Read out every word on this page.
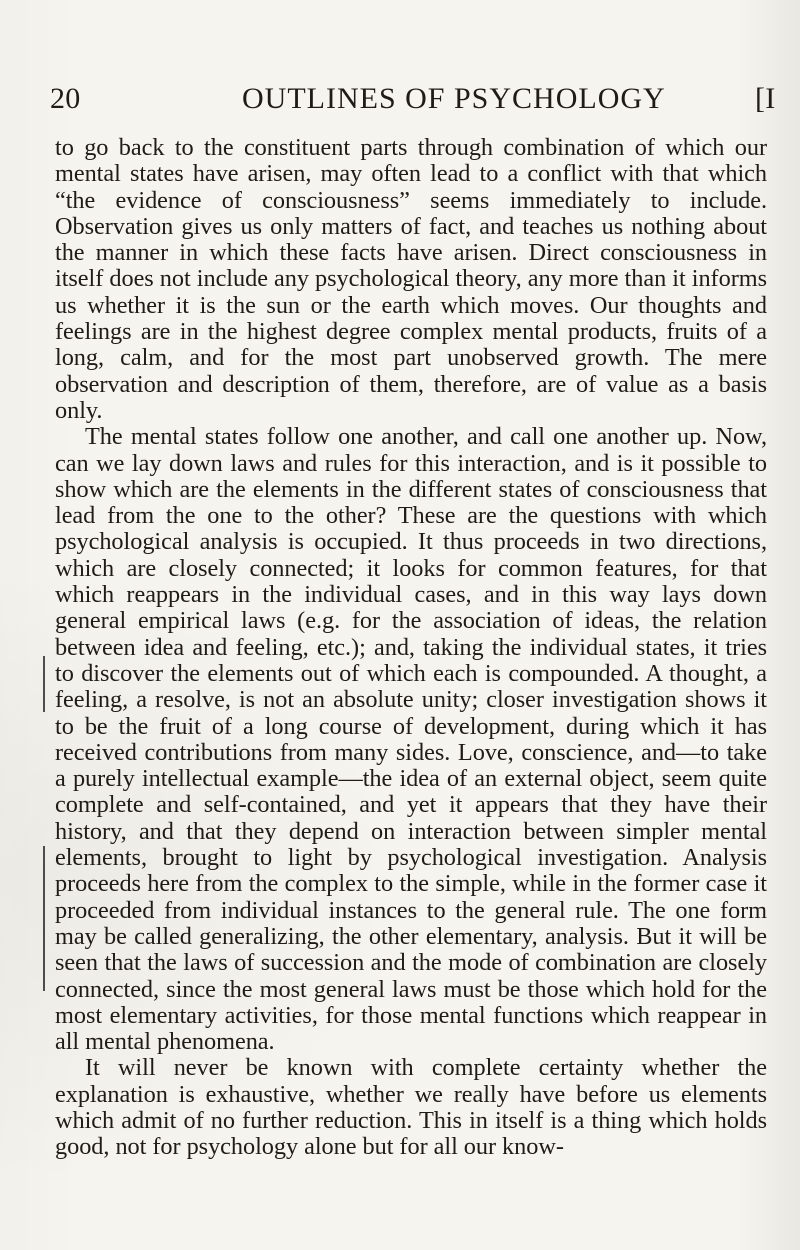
20	OUTLINES OF PSYCHOLOGY	[I

to go back to the constituent parts through combination of which our mental states have arisen, may often lead to a conflict with that which “the evidence of consciousness” seems immediately to include. Observation gives us only matters of fact, and teaches us nothing about the manner in which these facts have arisen. Direct consciousness in itself does not include any psychological theory, any more than it informs us whether it is the sun or the earth which moves. Our thoughts and feelings are in the highest degree complex mental products, fruits of a long, calm, and for the most part unobserved growth. The mere observation and description of them, therefore, are of value as a basis only.

The mental states follow one another, and call one another up. Now, can we lay down laws and rules for this interaction, and is it possible to show which are the elements in the different states of consciousness that lead from the one to the other? These are the questions with which psychological analysis is occupied. It thus proceeds in two directions, which are closely connected; it looks for common features, for that which reappears in the individual cases, and in this way lays down general empirical laws (e.g. for the association of ideas, the relation between idea and feeling, etc.); and, taking the individual states, it tries to discover the elements out of which each is compounded. A thought, a feeling, a resolve, is not an absolute unity; closer investigation shows it to be the fruit of a long course of development, during which it has received contributions from many sides. Love, conscience, and—to take a purely intellectual example—the idea of an external object, seem quite complete and self-contained, and yet it appears that they have their history, and that they depend on interaction between simpler mental elements, brought to light by psychological investigation. Analysis proceeds here from the complex to the simple, while in the former case it proceeded from individual instances to the general rule. The one form may be called generalizing, the other elementary, analysis. But it will be seen that the laws of succession and the mode of combination are closely connected, since the most general laws must be those which hold for the most elementary activities, for those mental functions which reappear in all mental phenomena.

It will never be known with complete certainty whether the explanation is exhaustive, whether we really have before us elements which admit of no further reduction. This in itself is a thing which holds good, not for psychology alone but for all our know-
